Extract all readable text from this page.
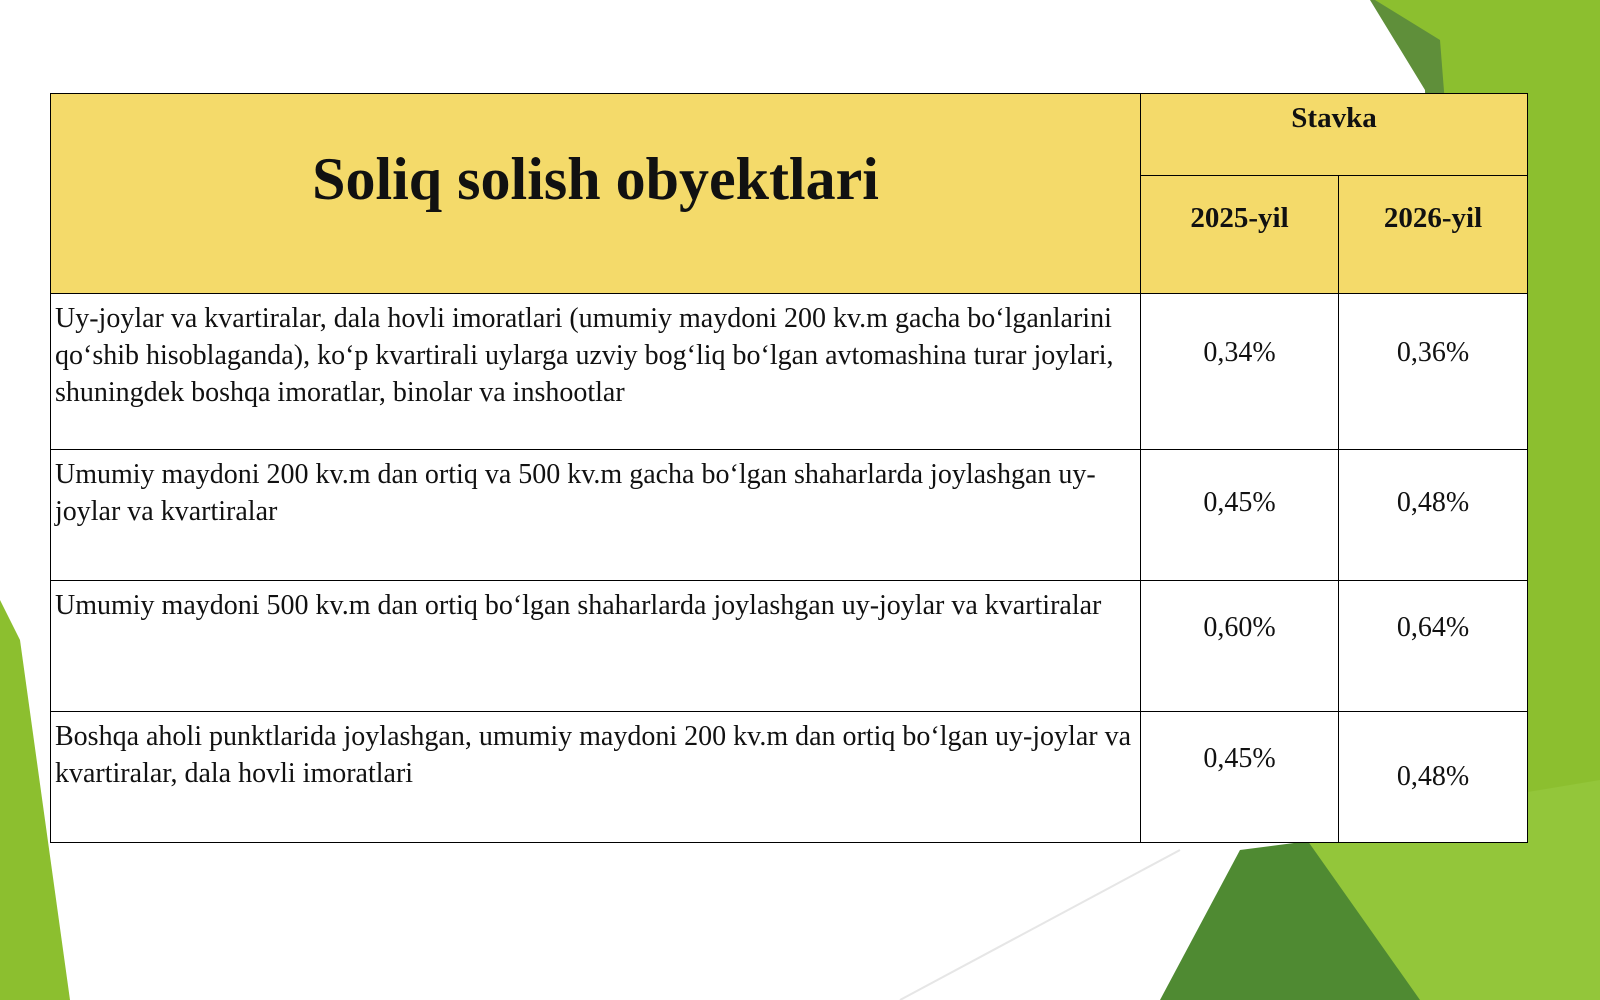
Soliq solish obyektlari	Stavka	
	2025-yil	2026-yil
Uy-joylar va kvartiralar, dala hovli imoratlari (umumiy maydoni 200 kv.m gacha bo‘lganlarini qo‘shib hisoblaganda), ko‘p kvartirali uylarga uzviy bog‘liq bo‘lgan avtomashina turar joylari, shuningdek boshqa imoratlar, binolar va inshootlar	0,34%	0,36%
Umumiy maydoni 200 kv.m dan ortiq va 500 kv.m gacha bo‘lgan shaharlarda joylashgan uy-joylar va kvartiralar	0,45%	0,48%
Umumiy maydoni 500 kv.m dan ortiq bo‘lgan shaharlarda joylashgan uy-joylar va kvartiralar	0,60%	0,64%
Boshqa aholi punktlarida joylashgan, umumiy maydoni 200 kv.m dan ortiq bo‘lgan uy-joylar va kvartiralar, dala hovli imoratlari	0,45%	0,48%
